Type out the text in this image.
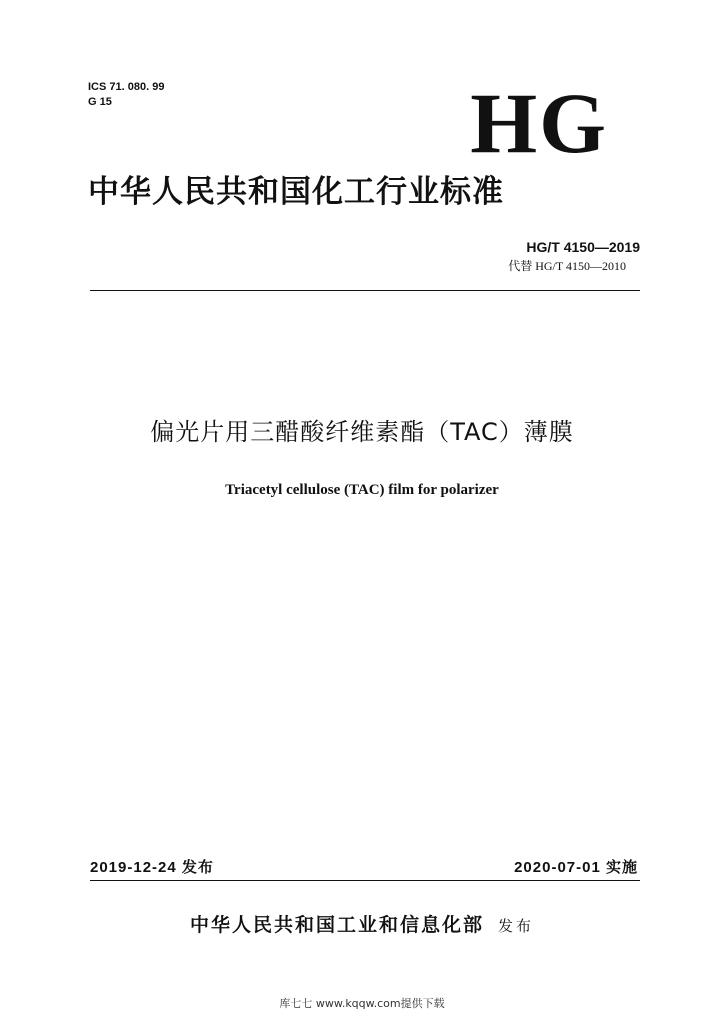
ICS 71. 080. 99
G 15	HG
中华人民共和国化工行业标准
HG/T 4150—2019
代替 HG/T 4150—2010
偏光片用三醋酸纤维素酯（TAC）薄膜
Triacetyl cellulose (TAC) film for polarizer
2019-12-24 发布	2020-07-01 实施
中华人民共和国工业和信息化部 发布
库七七 www.kqqw.com提供下载
